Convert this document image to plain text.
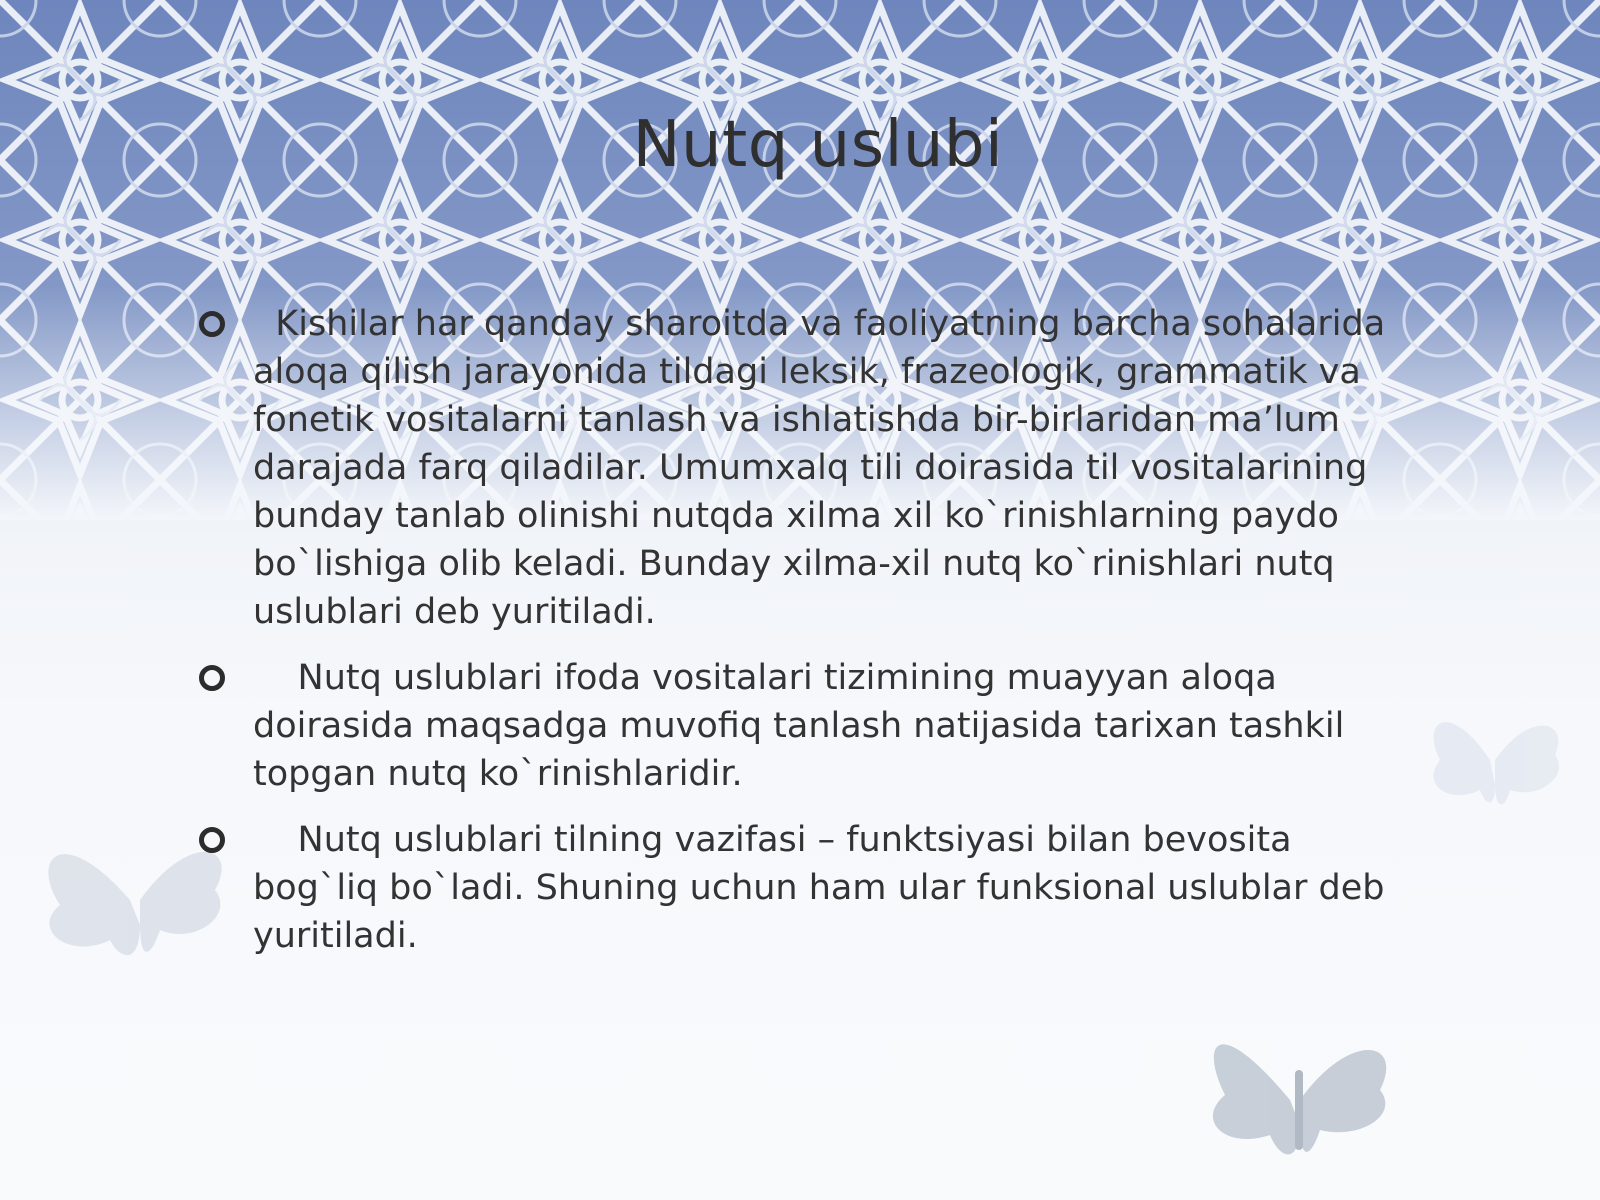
Nutq uslubi
Kishilar har qanday sharoitda va faoliyatning barcha sohalarida aloqa qilish jarayonida tildagi leksik, frazeologik, grammatik va fonetik vositalarni tanlash va ishlatishda bir-birlaridan ma’lum darajada farq qiladilar. Umumxalq tili doirasida til vositalarining bunday tanlab olinishi nutqda xilma xil ko`rinishlarning paydo bo`lishiga olib keladi. Bunday xilma-xil nutq ko`rinishlari nutq uslublari deb yuritiladi.
Nutq uslublari ifoda vositalari tizimining muayyan aloqa doirasida maqsadga muvofiq tanlash natijasida tarixan tashkil topgan nutq ko`rinishlaridir.
Nutq uslublari tilning vazifasi – funktsiyasi bilan bevosita bog`liq bo`ladi. Shuning uchun ham ular funksional uslublar deb yuritiladi.
